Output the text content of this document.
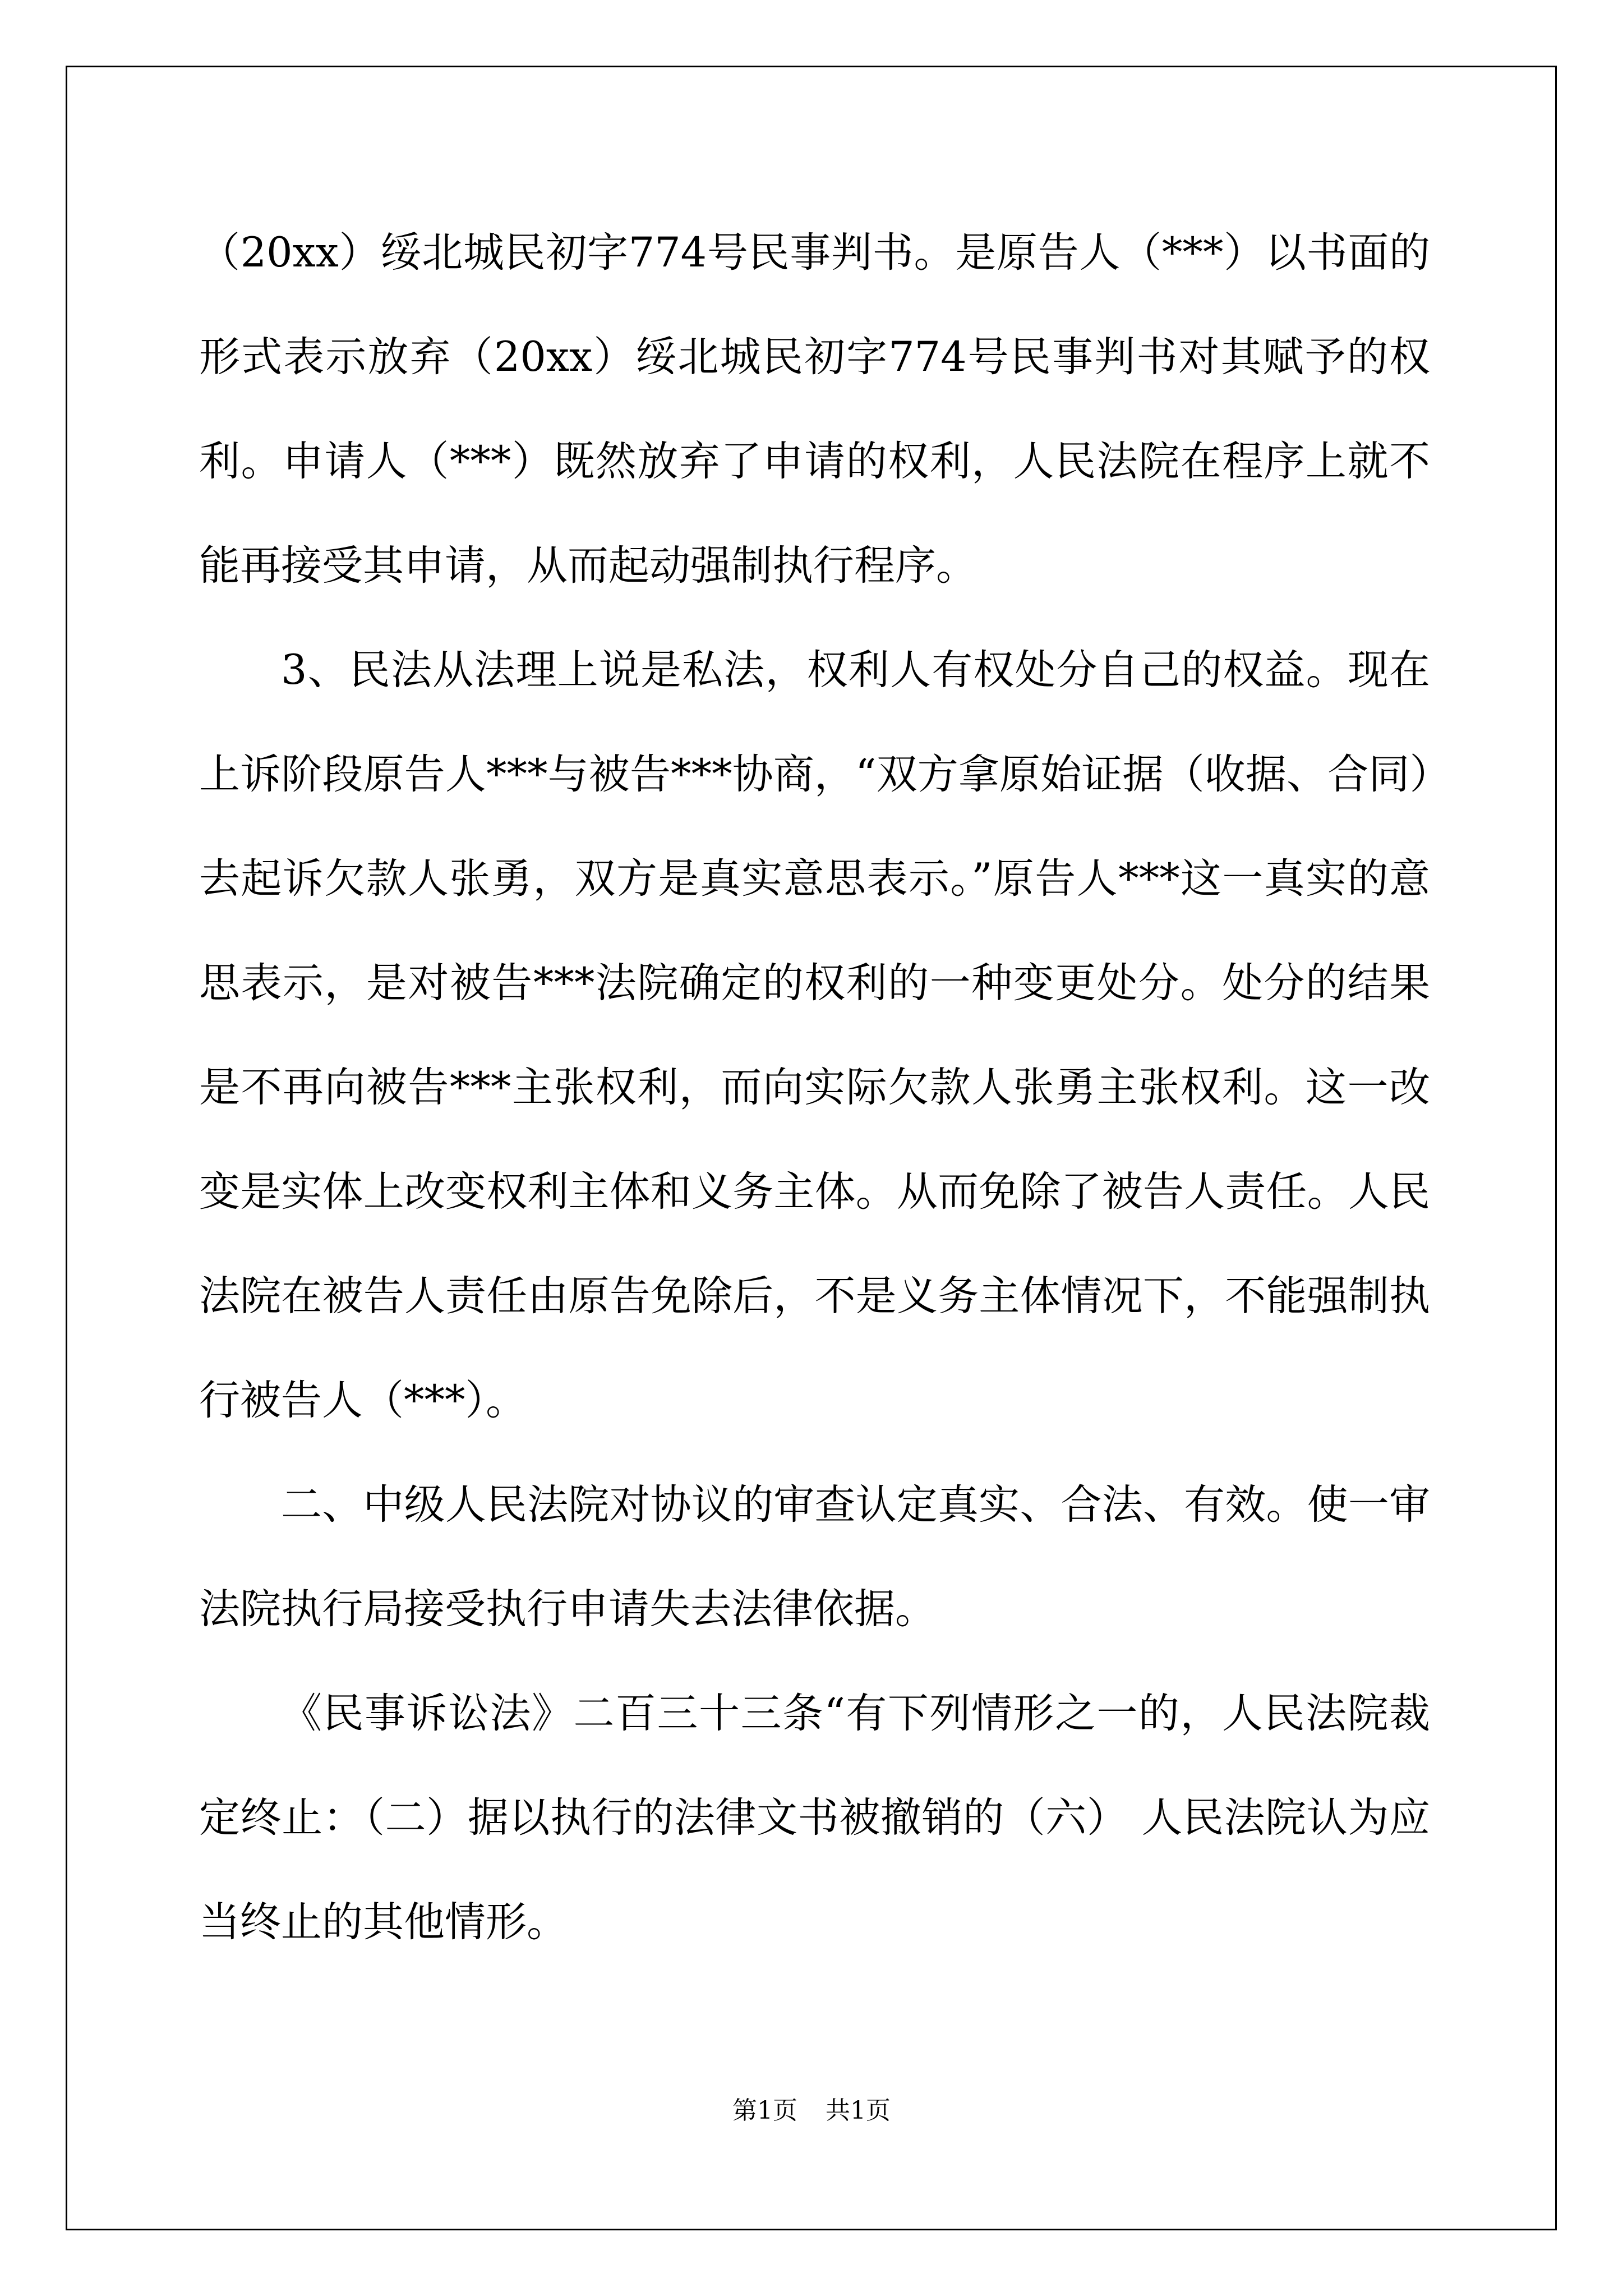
（20xx）绥北城民初字774号民事判书。是原告人（***）以书面的形式表示放弃（20xx）绥北城民初字774号民事判书对其赋予的权利。申请人（***）既然放弃了申请的权利，人民法院在程序上就不能再接受其申请，从而起动强制执行程序。

3、民法从法理上说是私法，权利人有权处分自己的权益。现在上诉阶段原告人***与被告***协商，“双方拿原始证据（收据、合同）去起诉欠款人张勇，双方是真实意思表示。”原告人***这一真实的意思表示，是对被告***法院确定的权利的一种变更处分。处分的结果是不再向被告***主张权利，而向实际欠款人张勇主张权利。这一改变是实体上改变权利主体和义务主体。从而免除了被告人责任。人民法院在被告人责任由原告免除后，不是义务主体情况下，不能强制执行被告人（***）。

二、中级人民法院对协议的审查认定真实、合法、有效。使一审法院执行局接受执行申请失去法律依据。

《民事诉讼法》二百三十三条“有下列情形之一的，人民法院裁定终止：（二）据以执行的法律文书被撤销的（六） 人民法院认为应当终止的其他情形。

第1页 共1页
